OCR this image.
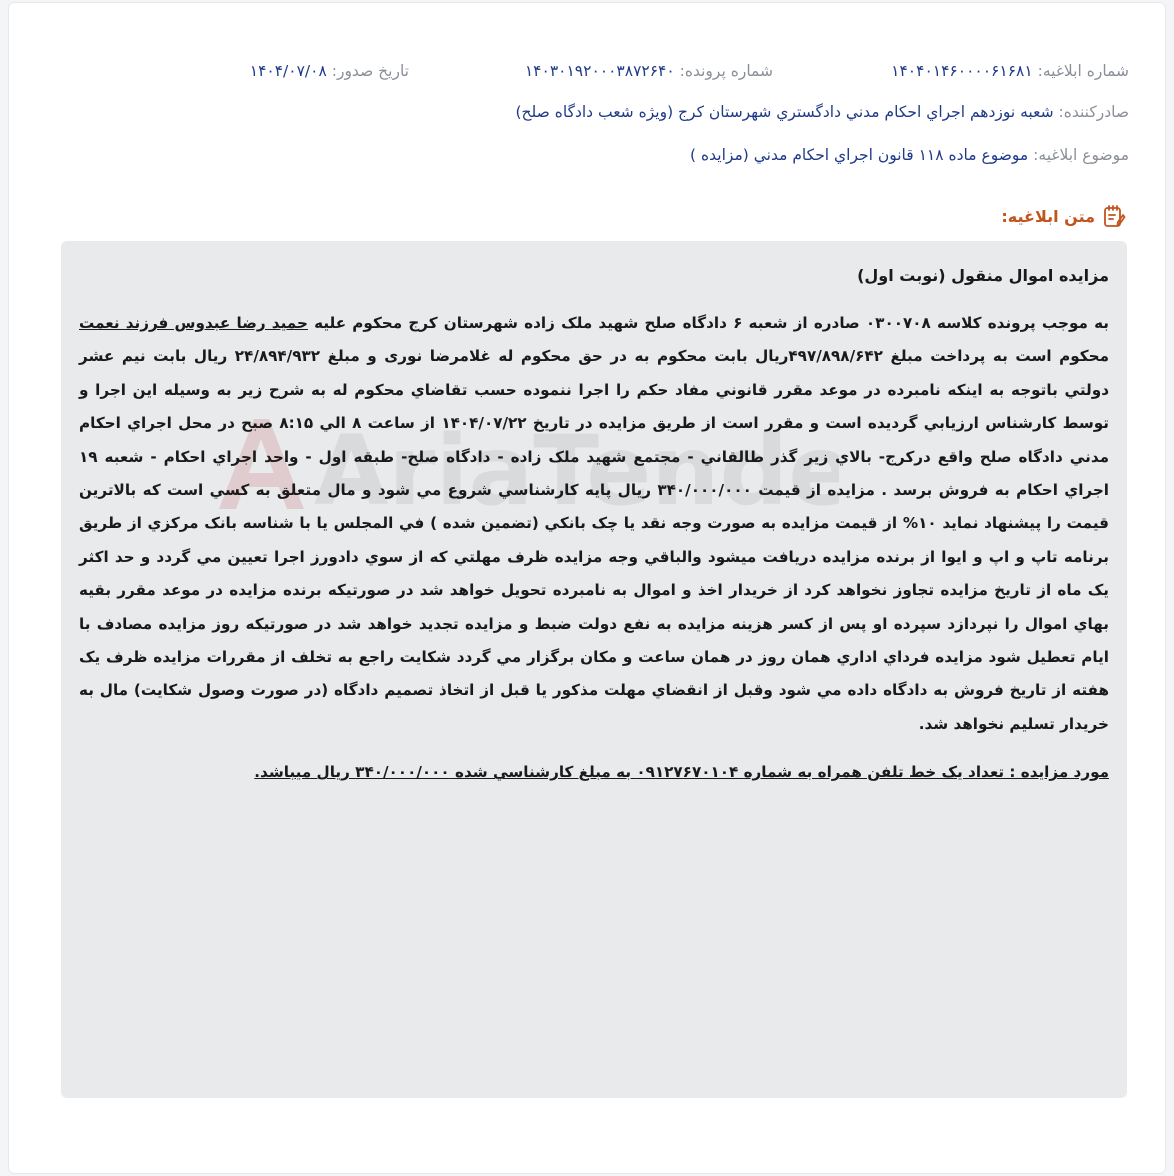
شماره ابلاغيه: ۱۴۰۴۰۱۴۶۰۰۰۰۶۱۶۸۱
شماره پرونده: ۱۴۰۳۰۱۹۲۰۰۰۳۸۷۲۶۴۰
تاريخ صدور: ۱۴۰۴/۰۷/۰۸
صادرکننده: شعبه نوزدهم اجراي احكام مدني دادگستري شهرستان کرج (ويژه شعب دادگاه صلح)
موضوع ابلاغيه: موضوع ماده ۱۱۸ قانون اجراي احكام مدني (مزايده )
متن ابلاغيه:
AriaTende
مزايده اموال منقول (نوبت اول)
به موجب پرونده كلاسه ۰۳۰۰۷۰۸ صادره از شعبه ۶ دادگاه صلح شهيد ملک زاده شهرستان کرج محكوم عليه حمید رضا عبدوس فرزند نعمت محكوم است به پرداخت مبلغ ۴۹۷/۸۹۸/۶۴۲ريال بابت محکوم به در حق محكوم له غلامرضا نوری و مبلغ ۲۴/۸۹۴/۹۳۲ ريال بابت نيم عشر دولتي باتوجه به اينكه نامبرده در موعد مقرر قانوني مفاد حكم را اجرا ننموده حسب تقاضاي محكوم له به شرح زير به وسيله اين اجرا و توسط كارشناس ارزيابي گرديده است و مقرر است از طريق مزايده در تاريخ ۱۴۰۴/۰۷/۲۲ از ساعت ۸ الي ۸:۱۵ صبح در محل اجراي احكام مدني دادگاه صلح واقع درکرج- بالاي زير گذر طالقاني - مجتمع شهيد ملک زاده - دادگاه صلح- طبقه اول - واحد اجراي احکام - شعبه ۱۹ اجراي احکام به فروش برسد . مزايده از قيمت ۳۴۰/۰۰۰/۰۰۰ ريال پايه كارشناسي شروع مي شود و مال متعلق به كسي است كه بالاترين قيمت را پيشنهاد نمايد ۱۰% از قيمت مزايده به صورت وجه نقد يا چک بانكي (تضمين شده ) في المجلس يا با شناسه بانک مرکزي از طريق برنامه تاپ و اپ و ايوا از برنده مزايده دريافت ميشود والباقي وجه مزايده ظرف مهلتي كه از سوي دادورز اجرا تعيين مي گردد و حد اكثر يک ماه از تاريخ مزايده تجاوز نخواهد كرد از خريدار اخذ و اموال به نامبرده تحويل خواهد شد در صورتيكه برنده مزايده در موعد مقرر بقيه بهاي اموال را نپردازد سپرده او پس از كسر هزينه مزايده به نفع دولت ضبط و مزايده تجديد خواهد شد در صورتيكه روز مزايده مصادف با ايام تعطيل شود مزايده فرداي اداري همان روز در همان ساعت و مكان برگزار مي گردد شكايت راجع به تخلف از مقررات مزايده ظرف يک هفته از تاريخ فروش به دادگاه داده مي شود وقبل از انقضاي مهلت مذكور يا قبل از اتخاذ تصميم دادگاه (در صورت وصول شكايت) مال به خريدار تسليم نخواهد شد.
مورد مزایده : تعداد یک خط تلفن همراه به شماره ۰۹۱۲۷۶۷۰۱۰۴ به مبلغ کارشناسي شده ۳۴۰/۰۰۰/۰۰۰ ريال ميباشد.
